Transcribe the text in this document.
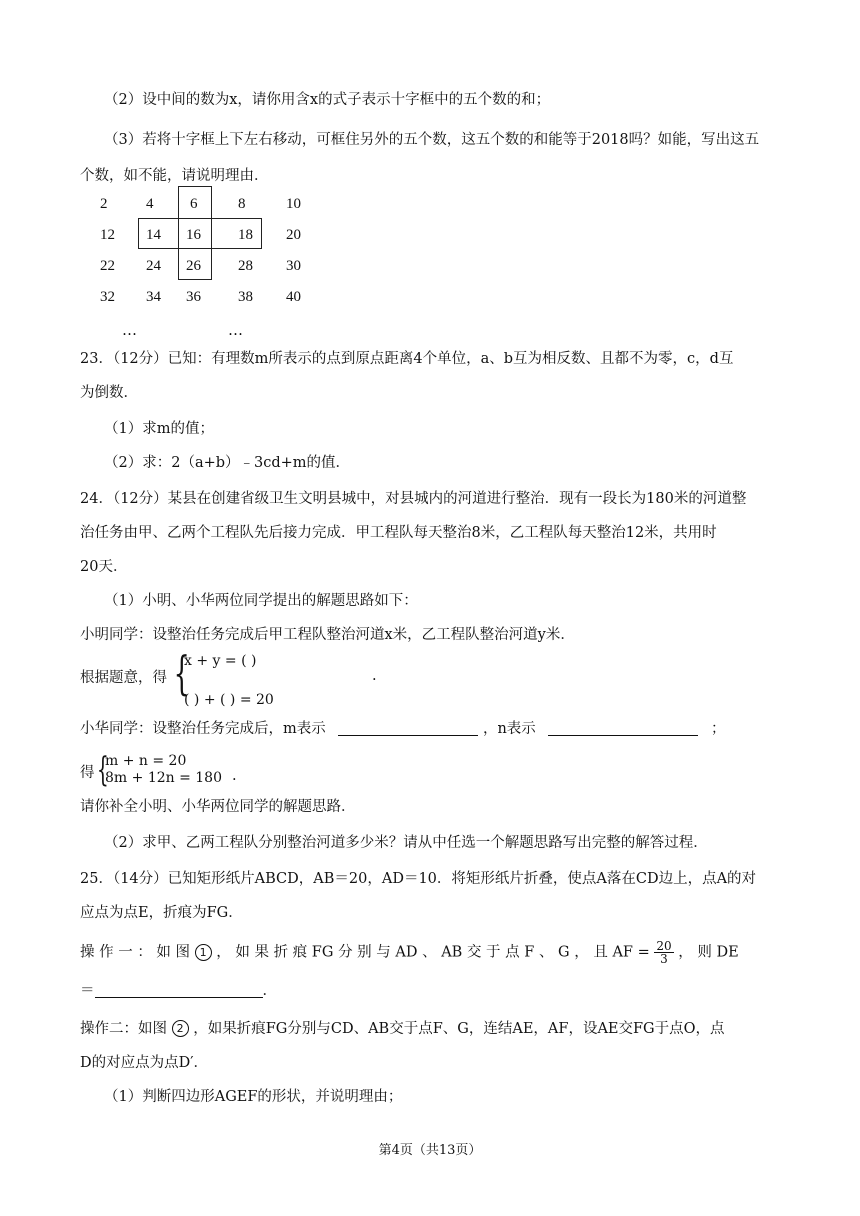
（2）设中间的数为x，请你用含x的式子表示十字框中的五个数的和；
（3）若将十字框上下左右移动，可框住另外的五个数，这五个数的和能等于2018吗？如能，写出这五
个数，如不能，请说明理由．
2	4	6	8	10
12	14	16	18	20
22	24	26	28	30
32	34	36	38	40
…	…
23．（12分）已知：有理数m所表示的点到原点距离4个单位，a、b互为相反数、且都不为零，c，d互
为倒数．
（1）求m的值；
（2）求：2（a+b）﹣3cd+m的值．
24．（12分）某县在创建省级卫生文明县城中，对县城内的河道进行整治．现有一段长为180米的河道整
治任务由甲、乙两个工程队先后接力完成．甲工程队每天整治8米，乙工程队每天整治12米，共用时
20天．
（1）小明、小华两位同学提出的解题思路如下：
小明同学：设整治任务完成后甲工程队整治河道x米，乙工程队整治河道y米．
根据题意，得 {
x + y = ( )
( ) + ( ) = 20
.
小华同学：设整治任务完成后，m表示	，n表示	；
得 {
m + n = 20
8m + 12n = 180 .
请你补全小明、小华两位同学的解题思路．
（2）求甲、乙两工程队分别整治河道多少米？请从中任选一个解题思路写出完整的解答过程．
25．（14分）已知矩形纸片ABCD，AB＝20，AD＝10．将矩形纸片折叠，使点A落在CD边上，点A的对
应点为点E，折痕为FG．
操 作 一 ： 如 图 1 ， 如 果 折 痕 FG 分 别 与 AD 、 AB 交 于 点 F 、 G ， 且 AF = $\frac{20}{3}$ ， 则 DE
＝	．
操作二：如图 2 ，如果折痕FG分别与CD、AB交于点F、G，连结AE，AF，设AE交FG于点O，点
D的对应点为点D′．
（1）判断四边形AGEF的形状，并说明理由；
第4页（共13页）
